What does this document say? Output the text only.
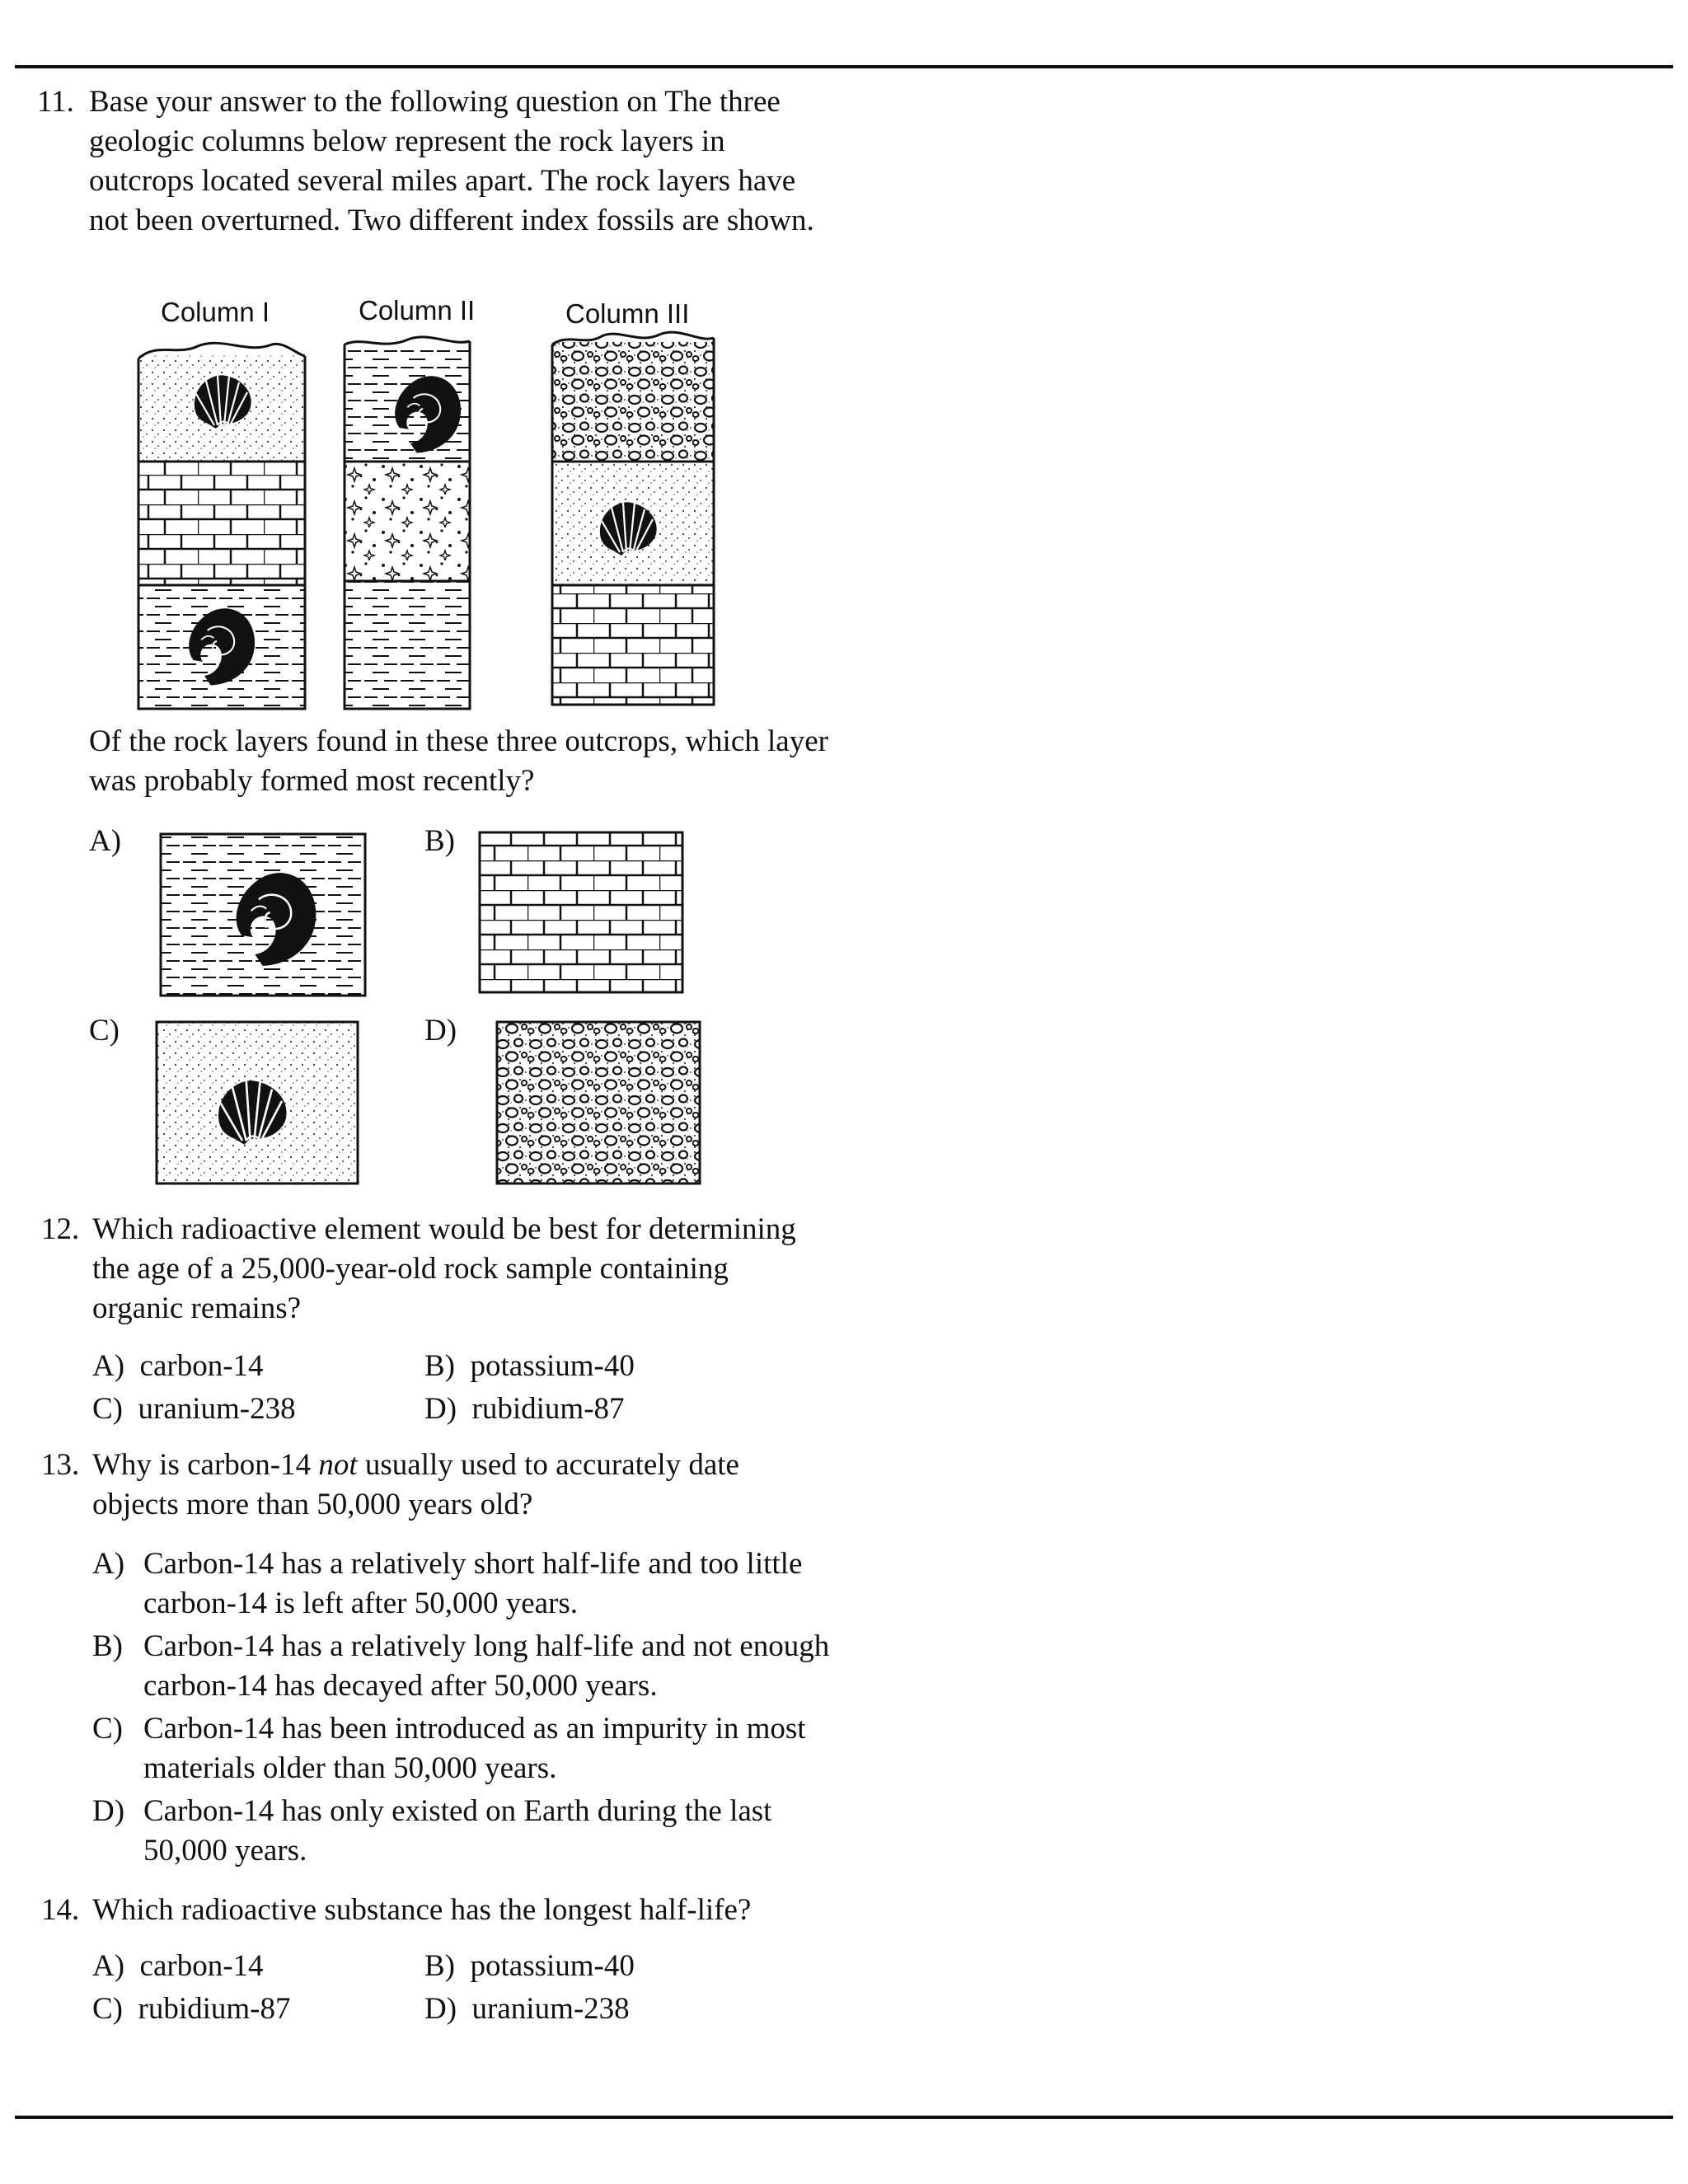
11. Base your answer to the following question on The three geologic columns below represent the rock layers in outcrops located several miles apart. The rock layers have not been overturned. Two different index fossils are shown.
Column I	Column II	Column III
Of the rock layers found in these three outcrops, which layer was probably formed most recently?
A)	B)
C)	D)
12. Which radioactive element would be best for determining the age of a 25,000-year-old rock sample containing organic remains?
A) carbon-14	B) potassium-40
C) uranium-238	D) rubidium-87
13. Why is carbon-14 not usually used to accurately date objects more than 50,000 years old?
A) Carbon-14 has a relatively short half-life and too little carbon-14 is left after 50,000 years.
B) Carbon-14 has a relatively long half-life and not enough carbon-14 has decayed after 50,000 years.
C) Carbon-14 has been introduced as an impurity in most materials older than 50,000 years.
D) Carbon-14 has only existed on Earth during the last 50,000 years.
14. Which radioactive substance has the longest half-life?
A) carbon-14	B) potassium-40
C) rubidium-87	D) uranium-238
